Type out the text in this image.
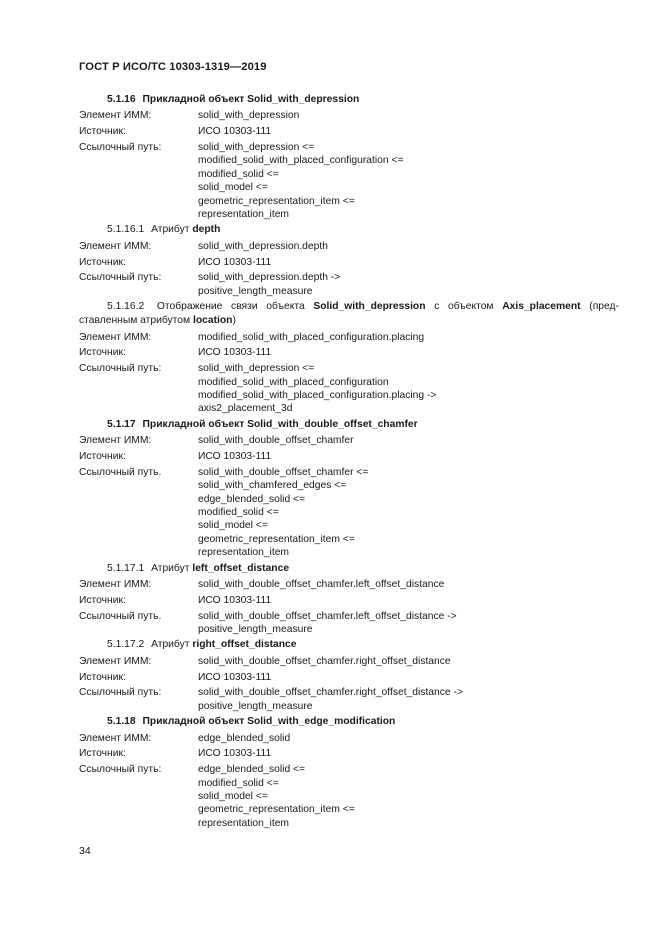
ГОСТ Р ИСО/ТС 10303-1319—2019
5.1.16 Прикладной объект Solid_with_depression
Элемент ИММ:	solid_with_depression
Источник:	ИСО 10303-111
Ссылочный путь:	solid_with_depression <=
modified_solid_with_placed_configuration <=
modified_solid <=
solid_model <=
geometric_representation_item <=
representation_item
5.1.16.1 Атрибут depth
Элемент ИММ:	solid_with_depression.depth
Источник:	ИСО 10303-111
Ссылочный путь:	solid_with_depression.depth ->
positive_length_measure
5.1.16.2 Отображение связи объекта Solid_with_depression с объектом Axis_placement (пред-ставленным атрибутом location)
Элемент ИММ:	modified_solid_with_placed_configuration.placing
Источник:	ИСО 10303-111
Ссылочный путь:	solid_with_depression <=
modified_solid_with_placed_configuration
modified_solid_with_placed_configuration.placing ->
axis2_placement_3d
5.1.17 Прикладной объект Solid_with_double_offset_chamfer
Элемент ИММ:	solid_with_double_offset_chamfer
Источник:	ИСО 10303-111
Ссылочный путь.	solid_with_double_offset_chamfer <=
solid_with_chamfered_edges <=
edge_blended_solid <=
modified_solid <=
solid_model <=
geometric_representation_item <=
representation_item
5.1.17.1 Атрибут left_offset_distance
Элемент ИММ:	solid_with_double_offset_chamfer.left_offset_distance
Источник:	ИСО 10303-111
Ссылочный путь.	solid_with_double_offset_chamfer.left_offset_distance ->
positive_length_measure
5.1.17.2 Атрибут right_offset_distance
Элемент ИММ:	solid_with_double_offset_chamfer.right_offset_distance
Источник:	ИСО 10303-111
Ссылочный путь:	solid_with_double_offset_chamfer.right_offset_distance ->
positive_length_measure
5.1.18 Прикладной объект Solid_with_edge_modification
Элемент ИММ:	edge_blended_solid
Источник:	ИСО 10303-111
Ссылочный путь:	edge_blended_solid <=
modified_solid <=
solid_model <=
geometric_representation_item <=
representation_item
34
